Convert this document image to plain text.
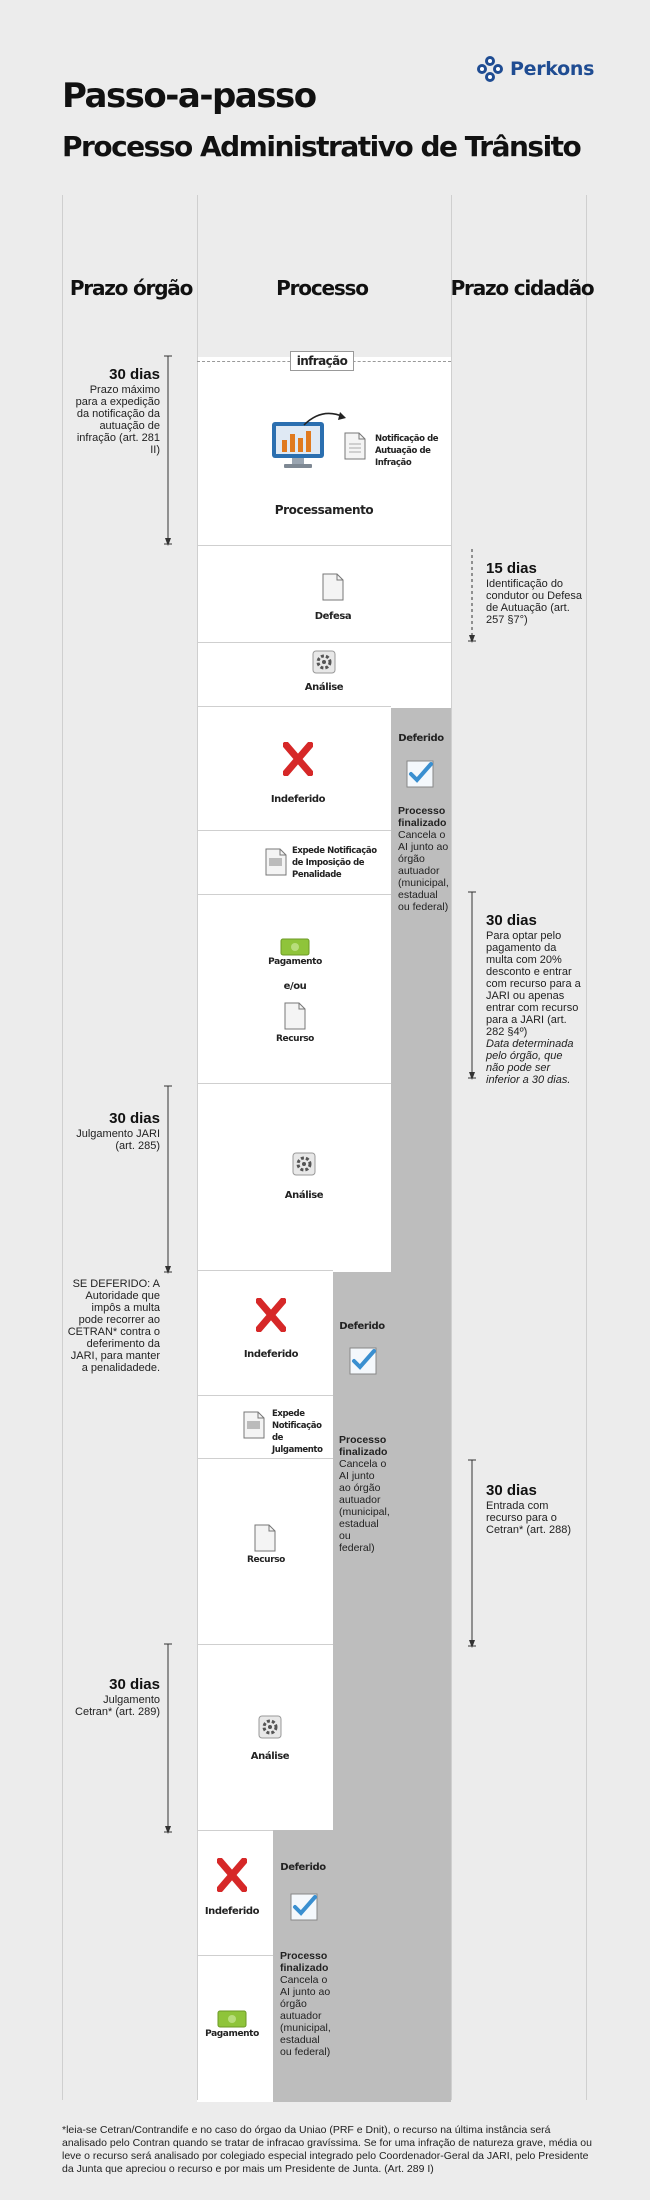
Perkons
Passo-a-passo
Processo Administrativo de Trânsito
Prazo órgão	Processo	Prazo cidadão
infração
Notificação de Autuação de Infração
Processamento
Defesa
Análise
Indeferido
Deferido
Processo finalizado
Cancela o AI junto ao órgão autuador (municipal, estadual ou federal)
Expede Notificação de Imposição de Penalidade
Pagamento
e/ou
Recurso
Análise
Indeferido
Deferido
Processo finalizado
Cancela o AI junto ao órgão autuador (municipal, estadual ou federal)
Expede Notificação de Julgamento
Recurso
Análise
Indeferido
Deferido
Processo finalizado
Cancela o AI junto ao órgão autuador (municipal, estadual ou federal)
Pagamento
30 dias
Prazo máximo para a expedição da notificação da autuação de infração (art. 281 II)
30 dias
Julgamento JARI (art. 285)
SE DEFERIDO: A Autoridade que impôs a multa pode recorrer ao CETRAN* contra o deferimento da JARI, para manter a penalidadede.
30 dias
Julgamento Cetran* (art. 289)
15 dias
Identificação do condutor ou Defesa de Autuação (art. 257 §7°)
30 dias
Para optar pelo pagamento da multa com 20% desconto e entrar com recurso para a JARI ou apenas entrar com recurso para a JARI (art. 282 §4º)
Data determinada pelo órgão, que não pode ser inferior a 30 dias.
30 dias
Entrada com recurso para o Cetran* (art. 288)
*leia-se Cetran/Contrandife e no caso do órgao da Uniao (PRF e Dnit), o recurso na última instância será analisado pelo Contran quando se tratar de infracao gravíssima. Se for uma infração de natureza grave, média ou leve o recurso será analisado por colegiado especial integrado pelo Coordenador-Geral da JARI, pelo Presidente da Junta que apreciou o recurso e por mais um Presidente de Junta. (Art. 289 I)
